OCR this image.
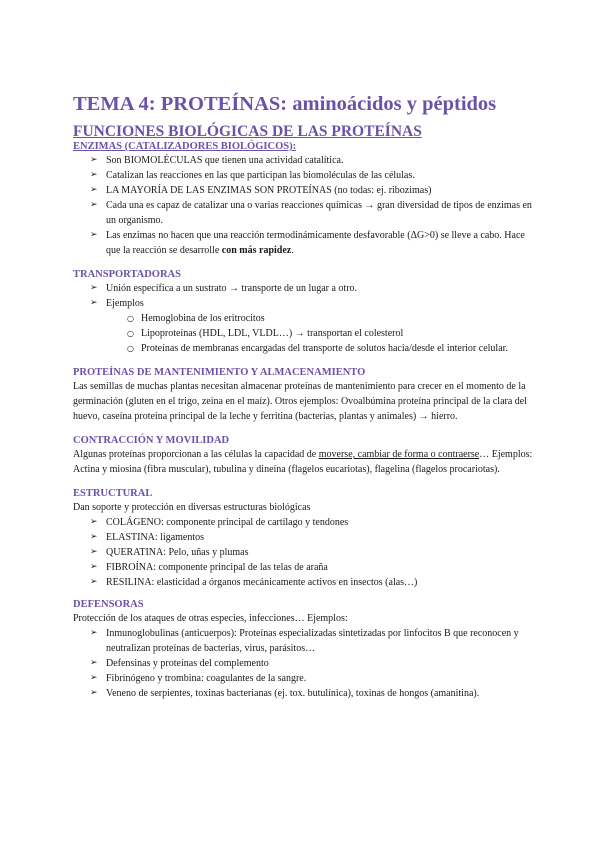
TEMA 4: PROTEÍNAS: aminoácidos y péptidos
FUNCIONES BIOLÓGICAS DE LAS PROTEÍNAS

ENZIMAS (CATALIZADORES BIOLÓGICOS):

➢ Son BIOMOLÉCULAS que tienen una actividad catalítica.
➢ Catalizan las reacciones en las que participan las biomoléculas de las células.
➢ LA MAYORÍA DE LAS ENZIMAS SON PROTEÍNAS (no todas: ej. ribozimas)
➢ Cada una es capaz de catalizar una o varias reacciones químicas → gran diversidad de tipos de enzimas en un organismo.
➢ Las enzimas no hacen que una reacción termodinámicamente desfavorable (ΔG>0) se lleve a cabo. Hace que la reacción se desarrolle con más rapidez.

TRANSPORTADORAS

➢ Unión específica a un sustrato → transporte de un lugar a otro.
➢ Ejemplos
○ Hemoglobina de los eritrocitos
○ Lipoproteínas (HDL, LDL, VLDL…) → transportan el colesterol
○ Proteínas de membranas encargadas del transporte de solutos hacia/desde el interior celular.

PROTEÍNAS DE MANTENIMIENTO Y ALMACENAMIENTO

Las semillas de muchas plantas necesitan almacenar proteínas de mantenimiento para crecer en el momento de la germinación (gluten en el trigo, zeína en el maíz). Otros ejemplos: Ovoalbúmina proteína principal de la clara del huevo, caseína proteína principal de la leche y ferritina (bacterias, plantas y animales) → hierro.

CONTRACCIÓN Y MOVILIDAD

Algunas proteínas proporcionan a las células la capacidad de moverse, cambiar de forma o contraerse… Ejemplos: Actina y miosina (fibra muscular), tubulina y dineína (flagelos eucariotas), flagelina (flagelos procariotas).

ESTRUCTURAL

Dan soporte y protección en diversas estructuras biológicas

➢ COLÁGENO: componente principal de cartílago y tendones
➢ ELASTINA: ligamentos
➢ QUERATINA: Pelo, uñas y plumas
➢ FIBROÍNA: componente principal de las telas de araña
➢ RESILINA: elasticidad a órganos mecánicamente activos en insectos (alas…)

DEFENSORAS

Protección de los ataques de otras especies, infecciones… Ejemplos:

➢ Inmunoglobulinas (anticuerpos): Proteínas especializadas sintetizadas por linfocitos B que reconocen y neutralizan proteínas de bacterias, virus, parásitos…
➢ Defensinas y proteínas del complemento
➢ Fibrinógeno y trombina: coagulantes de la sangre.
➢ Veneno de serpientes, toxinas bacterianas (ej. tox. butulínica), toxinas de hongos (amanitina).
